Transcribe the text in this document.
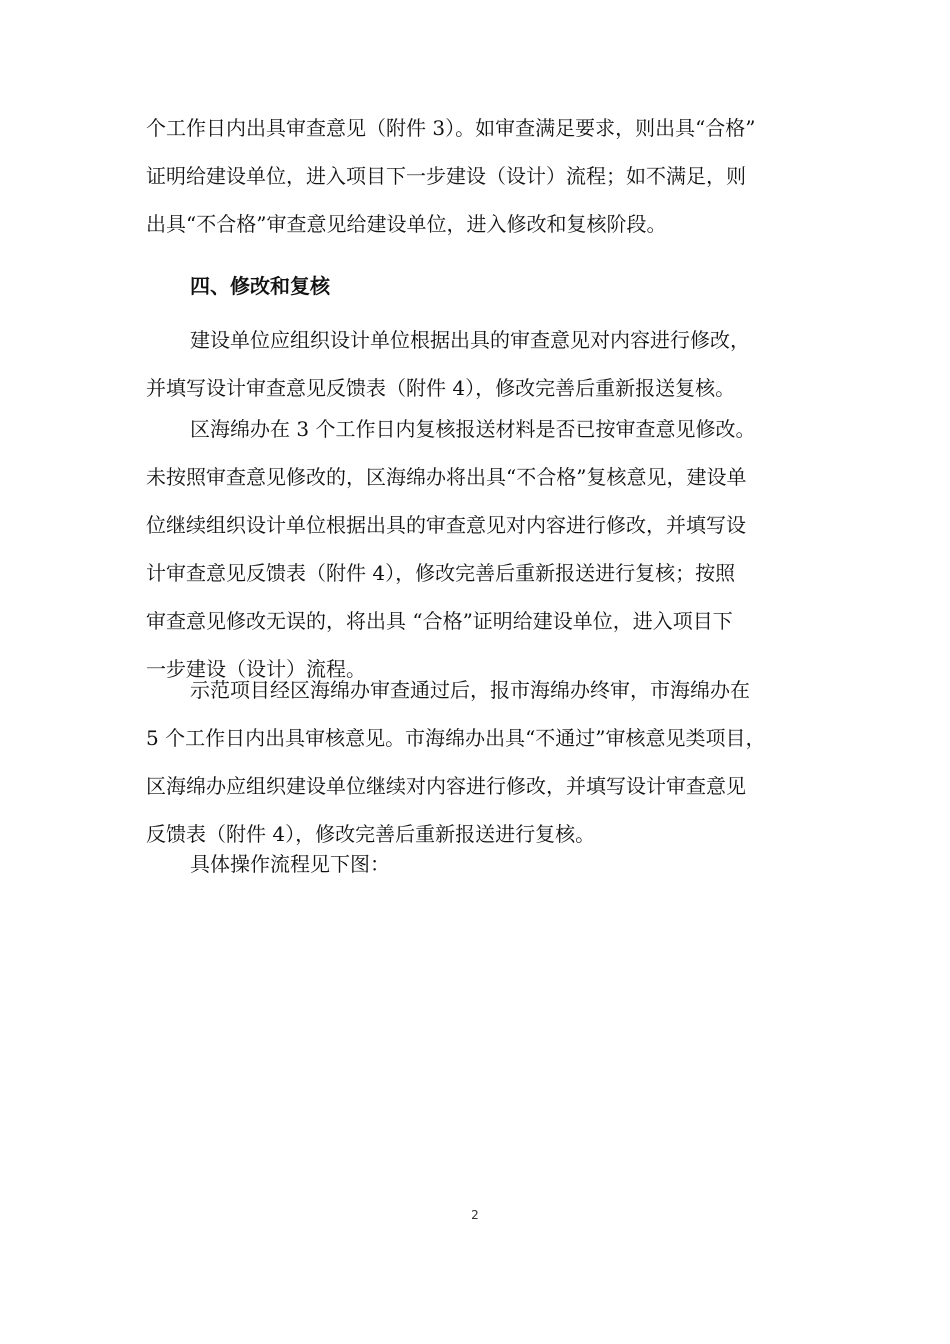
个工作日内出具审查意见（附件 3）。如审查满足要求，则出具“合格”
证明给建设单位，进入项目下一步建设（设计）流程；如不满足，则
出具“不合格”审查意见给建设单位，进入修改和复核阶段。
四、修改和复核
建设单位应组织设计单位根据出具的审查意见对内容进行修改，
并填写设计审查意见反馈表（附件 4），修改完善后重新报送复核。
区海绵办在 3 个工作日内复核报送材料是否已按审查意见修改。
未按照审查意见修改的，区海绵办将出具“不合格”复核意见，建设单
位继续组织设计单位根据出具的审查意见对内容进行修改，并填写设
计审查意见反馈表（附件 4），修改完善后重新报送进行复核；按照
审查意见修改无误的，将出具 “合格”证明给建设单位，进入项目下
一步建设（设计）流程。
示范项目经区海绵办审查通过后，报市海绵办终审，市海绵办在
5 个工作日内出具审核意见。市海绵办出具“不通过”审核意见类项目，
区海绵办应组织建设单位继续对内容进行修改，并填写设计审查意见
反馈表（附件 4），修改完善后重新报送进行复核。
具体操作流程见下图：
2
